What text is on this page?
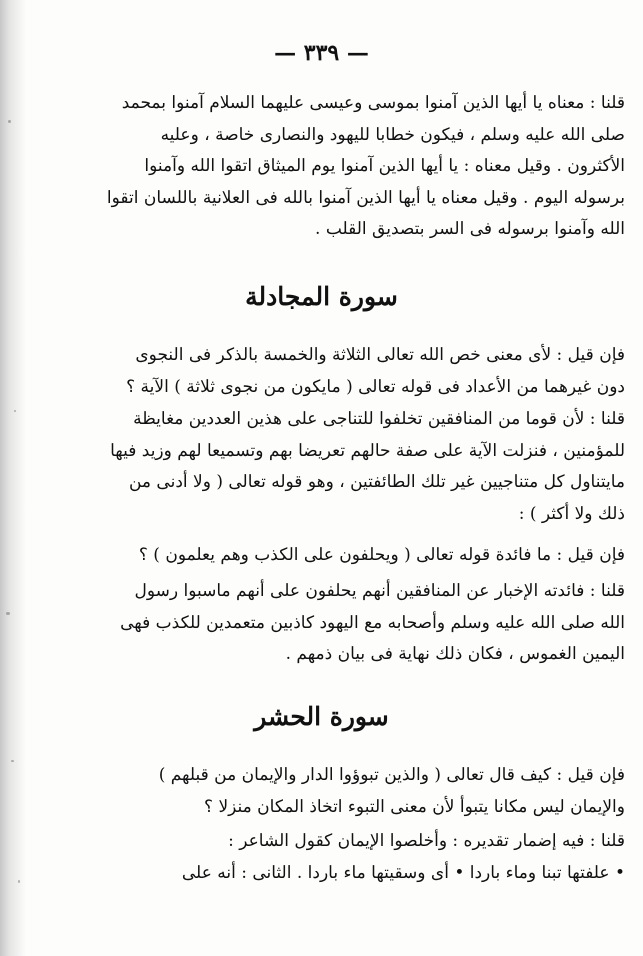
— ٣٣٩ —
قلنا : معناه يا أيها الذين آمنوا بموسى وعيسى عليهما السلام آمنوا بمحمد
صلى الله عليه وسلم ، فيكون خطابا لليهود والنصارى خاصة ، وعليه
الأكثرون . وقيل معناه : يا أيها الذين آمنوا يوم الميثاق اتقوا الله وآمنوا
برسوله اليوم . وقيل معناه يا أيها الذين آمنوا بالله فى العلانية باللسان اتقوا
الله وآمنوا برسوله فى السر بتصديق القلب .
سورة المجادلة
فإن قيل : لأى معنى خص الله تعالى الثلاثة والخمسة بالذكر فى النجوى
دون غيرهما من الأعداد فى قوله تعالى ( مايكون من نجوى ثلاثة ) الآية ؟
قلنا : لأن قوما من المنافقين تخلفوا للتناجى على هذين العددين مغايظة
للمؤمنين ، فنزلت الآية على صفة حالهم تعريضا بهم وتسميعا لهم وزيد فيها
مايتناول كل متناجيين غير تلك الطائفتين ، وهو قوله تعالى ( ولا أدنى من
ذلك ولا أكثر ) :
فإن قيل : ما فائدة قوله تعالى ( ويحلفون على الكذب وهم يعلمون ) ؟
قلنا : فائدته الإخبار عن المنافقين أنهم يحلفون على أنهم ماسبوا رسول
الله صلى الله عليه وسلم وأصحابه مع اليهود كاذبين متعمدين للكذب فهى
اليمين الغموس ، فكان ذلك نهاية فى بيان ذمهم .
سورة الحشر
فإن قيل : كيف قال تعالى ( والذين تبوؤوا الدار والإيمان من قبلهم )
والإيمان ليس مكانا يتبوأ لأن معنى التبوء اتخاذ المكان منزلا ؟
قلنا : فيه إضمار تقديره : وأخلصوا الإيمان كقول الشاعر :
• علفتها تبنا وماء باردا • أى وسقيتها ماء باردا . الثانى : أنه على
